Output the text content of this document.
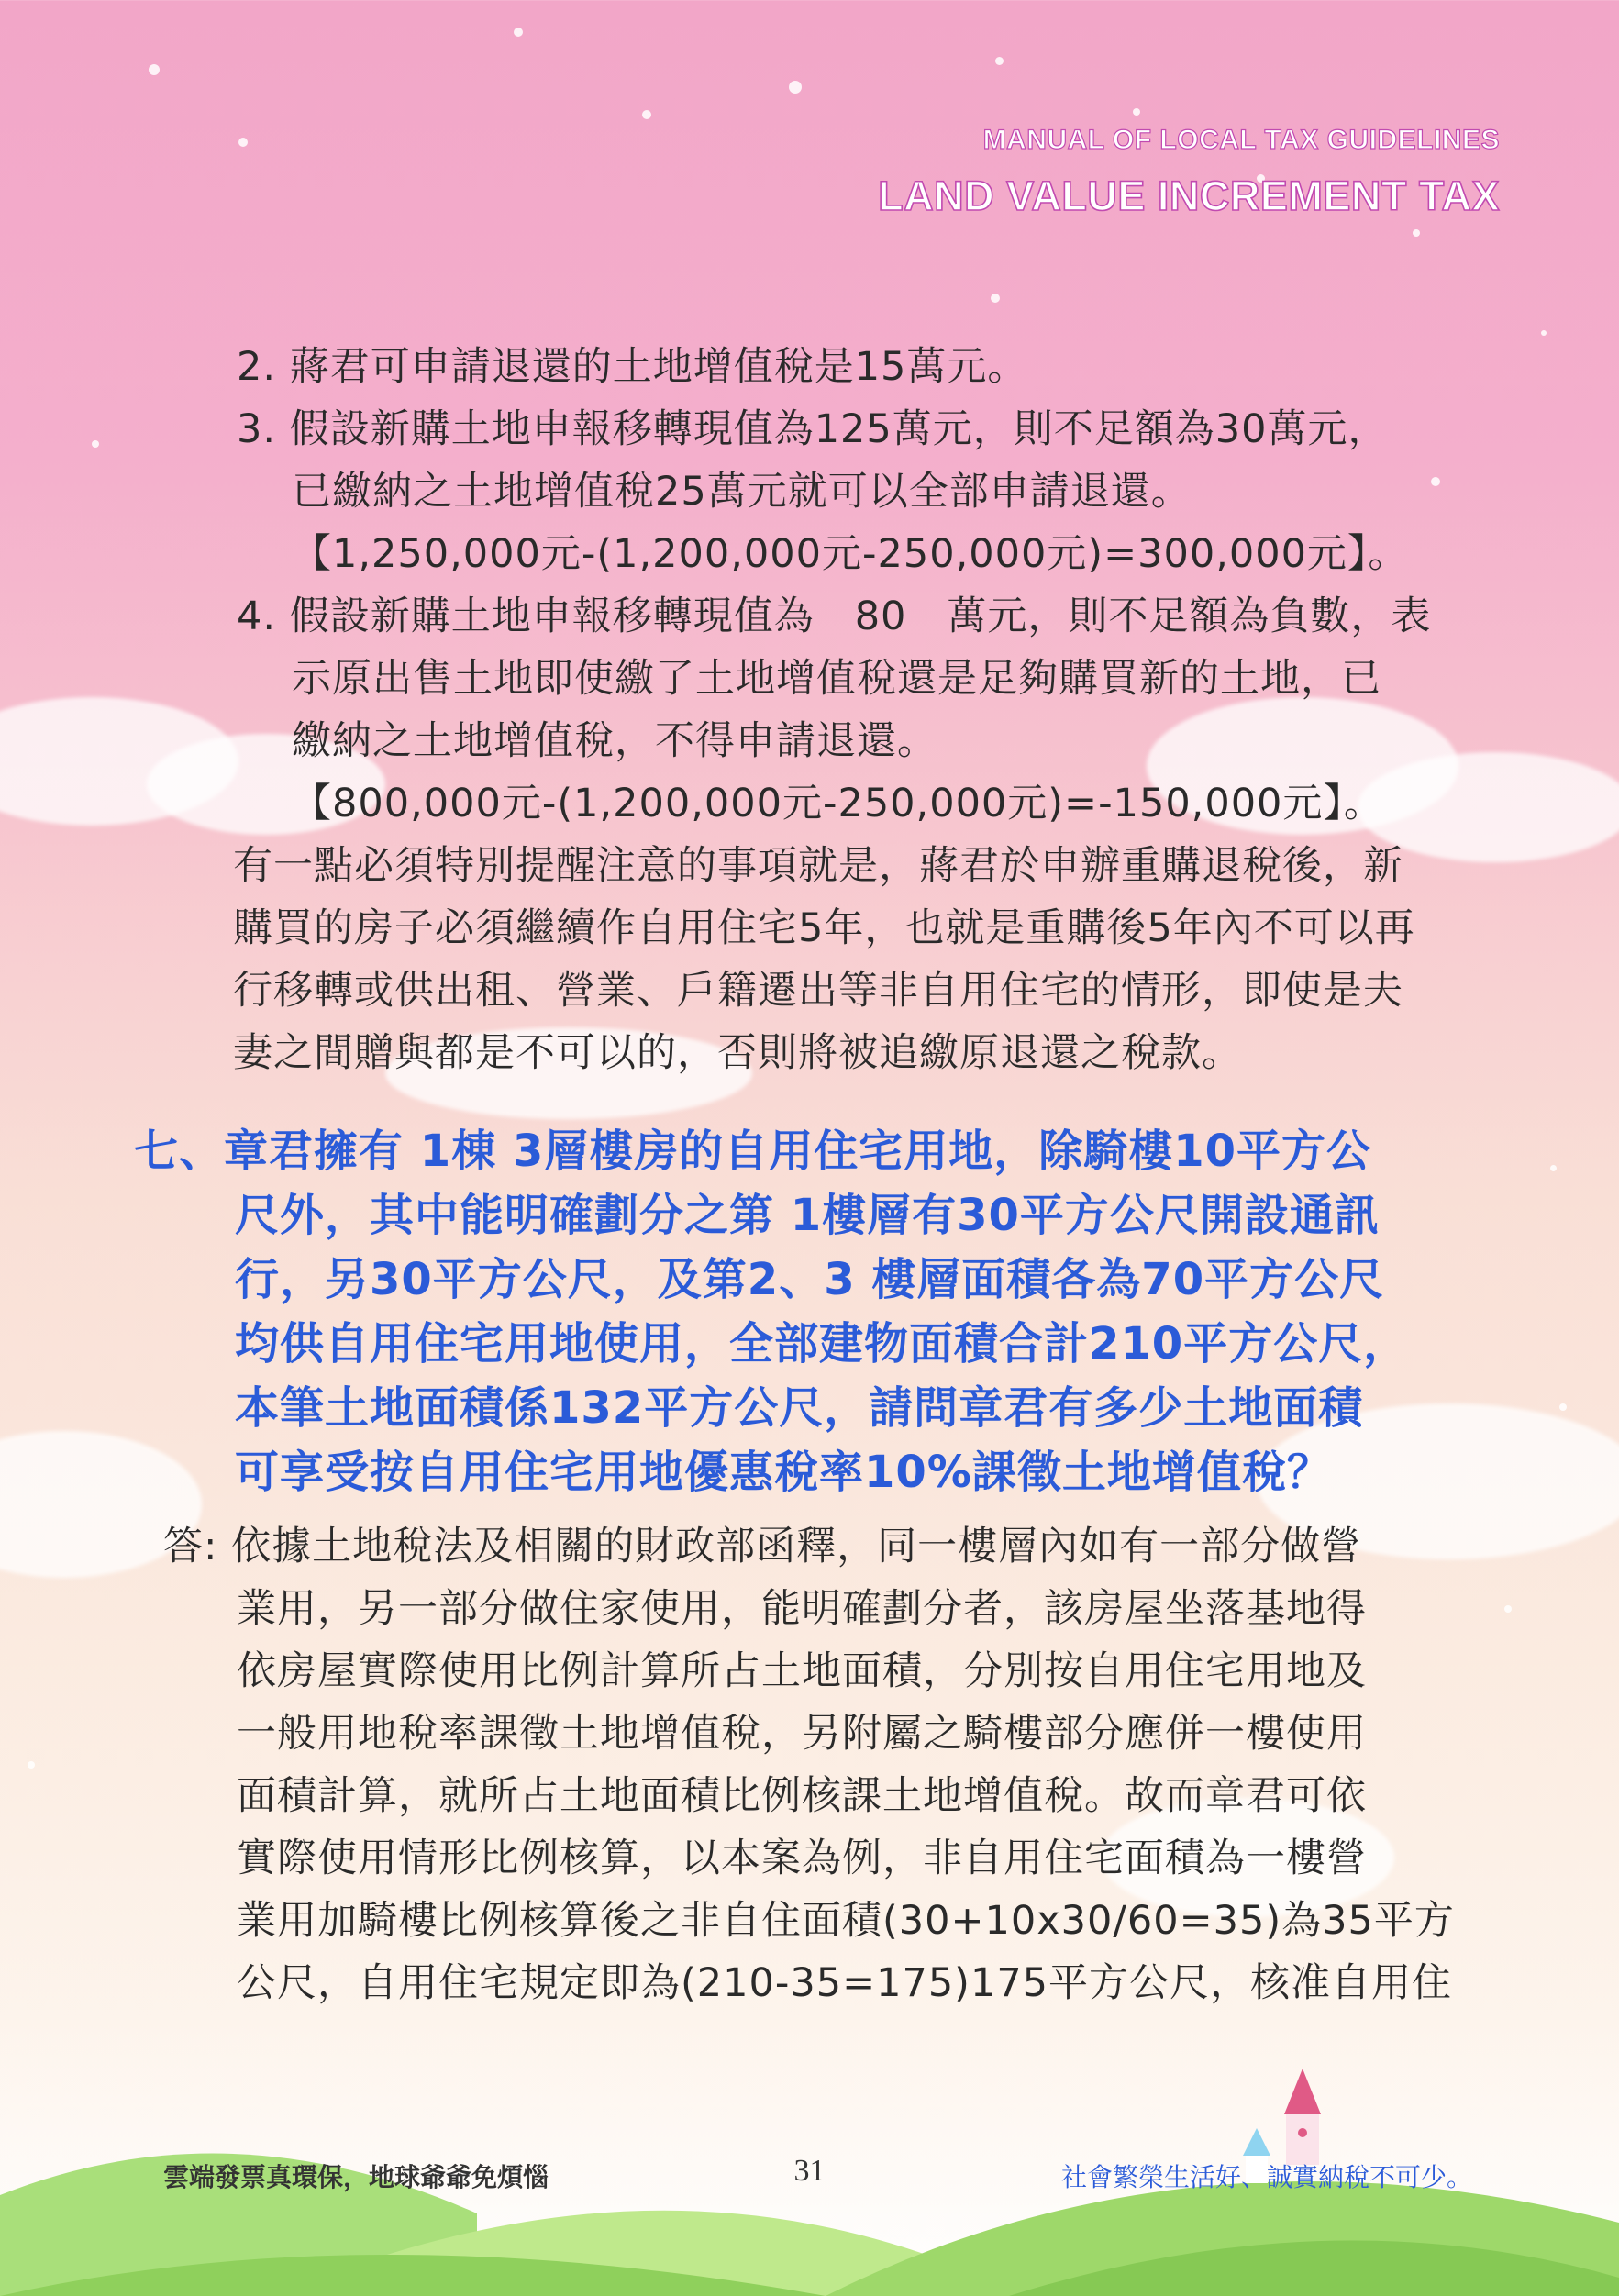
MANUAL OF LOCAL TAX GUIDELINES
LAND VALUE INCREMENT TAX
2. 蔣君可申請退還的土地增值稅是15萬元。
3. 假設新購土地申報移轉現值為125萬元，則不足額為30萬元，
已繳納之土地增值稅25萬元就可以全部申請退還。
【1,250,000元-(1,200,000元-250,000元)=300,000元】。
4. 假設新購土地申報移轉現值為　80　萬元，則不足額為負數，表
示原出售土地即使繳了土地增值稅還是足夠購買新的土地，已
繳納之土地增值稅，不得申請退還。
【800,000元-(1,200,000元-250,000元)=-150,000元】。
有一點必須特別提醒注意的事項就是，蔣君於申辦重購退稅後，新
購買的房子必須繼續作自用住宅5年，也就是重購後5年內不可以再
行移轉或供出租、營業、戶籍遷出等非自用住宅的情形，即使是夫
妻之間贈與都是不可以的，否則將被追繳原退還之稅款。
七、章君擁有 1棟 3層樓房的自用住宅用地，除騎樓10平方公
尺外，其中能明確劃分之第 1樓層有30平方公尺開設通訊
行，另30平方公尺，及第2、3 樓層面積各為70平方公尺
均供自用住宅用地使用，全部建物面積合計210平方公尺，
本筆土地面積係132平方公尺，請問章君有多少土地面積
可享受按自用住宅用地優惠稅率10%課徵土地增值稅？
答: 依據土地稅法及相關的財政部函釋，同一樓層內如有一部分做營
業用，另一部分做住家使用，能明確劃分者，該房屋坐落基地得
依房屋實際使用比例計算所占土地面積，分別按自用住宅用地及
一般用地稅率課徵土地增值稅，另附屬之騎樓部分應併一樓使用
面積計算，就所占土地面積比例核課土地增值稅。故而章君可依
實際使用情形比例核算，以本案為例，非自用住宅面積為一樓營
業用加騎樓比例核算後之非自住面積(30+10x30/60=35)為35平方
公尺，自用住宅規定即為(210-35=175)175平方公尺，核准自用住
雲端發票真環保，地球爺爺免煩惱	31	社會繁榮生活好、誠實納稅不可少。
